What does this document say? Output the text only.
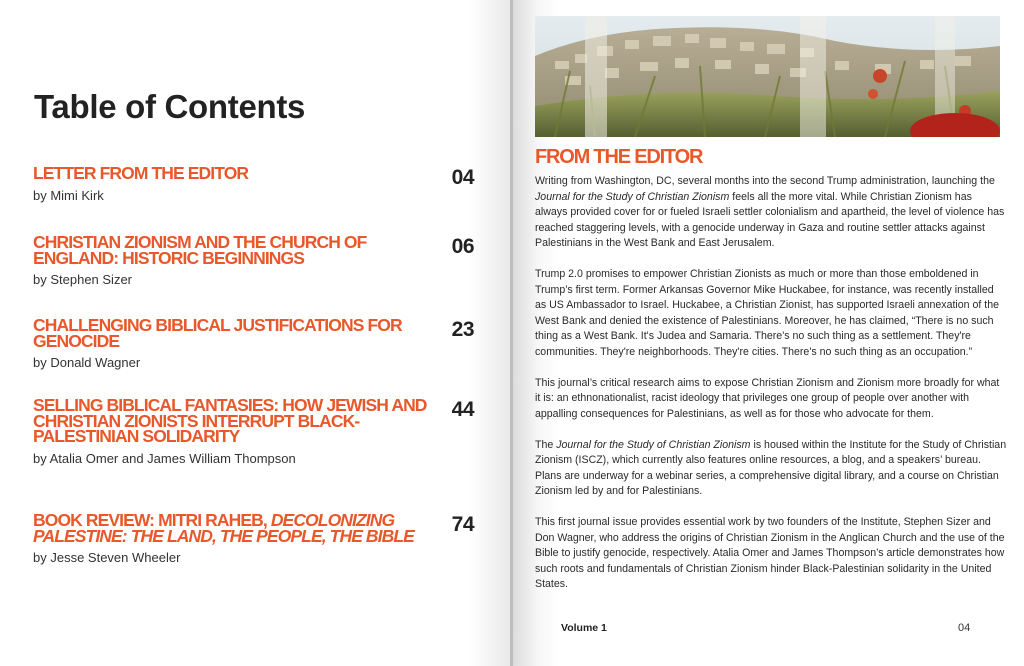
Table of Contents
LETTER FROM THE EDITOR
by Mimi Kirk
04
CHRISTIAN ZIONISM AND THE CHURCH OF ENGLAND: HISTORIC BEGINNINGS
by Stephen Sizer
06
CHALLENGING BIBLICAL JUSTIFICATIONS FOR GENOCIDE
by Donald Wagner
23
SELLING BIBLICAL FANTASIES: HOW JEWISH AND CHRISTIAN ZIONISTS INTERRUPT BLACK-PALESTINIAN SOLIDARITY
by Atalia Omer and James William Thompson
44
BOOK REVIEW: MITRI RAHEB, DECOLONIZING PALESTINE: THE LAND, THE PEOPLE, THE BIBLE
by Jesse Steven Wheeler
74
FROM THE EDITOR

Writing from Washington, DC, several months into the second Trump administration, launching the Journal for the Study of Christian Zionism feels all the more vital. While Christian Zionism has always provided cover for or fueled Israeli settler colonialism and apartheid, the level of violence has reached staggering levels, with a genocide underway in Gaza and routine settler attacks against Palestinians in the West Bank and East Jerusalem.

Trump 2.0 promises to empower Christian Zionists as much or more than those emboldened in Trump’s first term. Former Arkansas Governor Mike Huckabee, for instance, was recently installed as US Ambassador to Israel. Huckabee, a Christian Zionist, has supported Israeli annexation of the West Bank and denied the existence of Palestinians. Moreover, he has claimed, “There is no such thing as a West Bank. It's Judea and Samaria. There's no such thing as a settlement. They're communities. They're neighborhoods. They're cities. There's no such thing as an occupation.”

This journal’s critical research aims to expose Christian Zionism and Zionism more broadly for what it is: an ethnonationalist, racist ideology that privileges one group of people over another with appalling consequences for Palestinians, as well as for those who advocate for them.

The Journal for the Study of Christian Zionism is housed within the Institute for the Study of Christian Zionism (ISCZ), which currently also features online resources, a blog, and a speakers’ bureau. Plans are underway for a webinar series, a comprehensive digital library, and a course on Christian Zionism led by and for Palestinians.

This first journal issue provides essential work by two founders of the Institute, Stephen Sizer and Don Wagner, who address the origins of Christian Zionism in the Anglican Church and the use of the Bible to justify genocide, respectively. Atalia Omer and James Thompson’s article demonstrates how such roots and fundamentals of Christian Zionism hinder Black-Palestinian solidarity in the United States.

Volume 1	04
